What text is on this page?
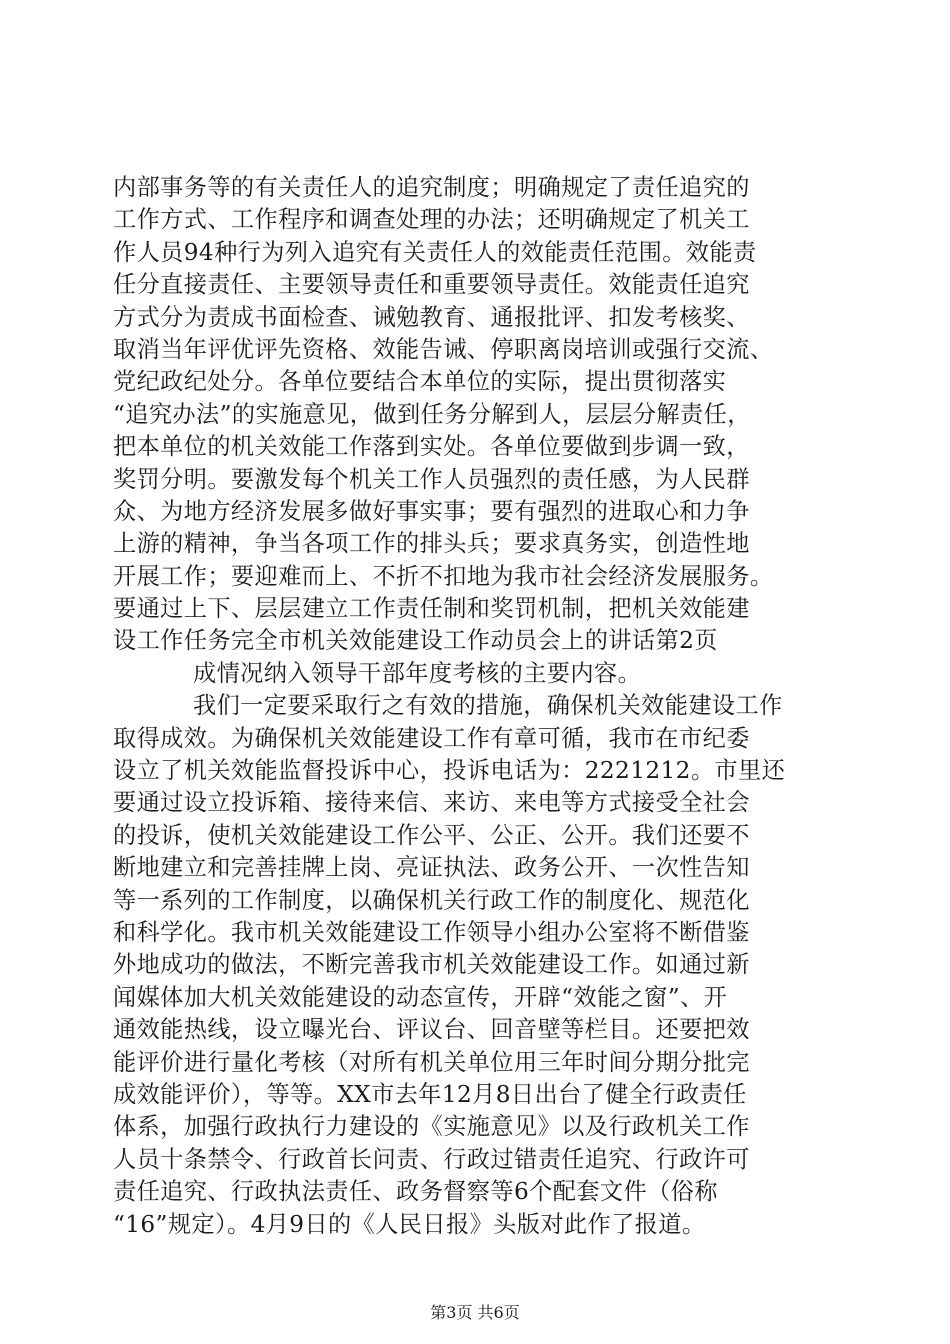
内部事务等的有关责任人的追究制度；明确规定了责任追究的
工作方式、工作程序和调查处理的办法；还明确规定了机关工
作人员94种行为列入追究有关责任人的效能责任范围。效能责
任分直接责任、主要领导责任和重要领导责任。效能责任追究
方式分为责成书面检查、诫勉教育、通报批评、扣发考核奖、
取消当年评优评先资格、效能告诫、停职离岗培训或强行交流、
党纪政纪处分。各单位要结合本单位的实际，提出贯彻落实
“追究办法”的实施意见，做到任务分解到人，层层分解责任，
把本单位的机关效能工作落到实处。各单位要做到步调一致，
奖罚分明。要激发每个机关工作人员强烈的责任感，为人民群
众、为地方经济发展多做好事实事；要有强烈的进取心和力争
上游的精神，争当各项工作的排头兵；要求真务实，创造性地
开展工作；要迎难而上、不折不扣地为我市社会经济发展服务。
要通过上下、层层建立工作责任制和奖罚机制，把机关效能建
设工作任务完全市机关效能建设工作动员会上的讲话第2页
成情况纳入领导干部年度考核的主要内容。
我们一定要采取行之有效的措施，确保机关效能建设工作
取得成效。为确保机关效能建设工作有章可循，我市在市纪委
设立了机关效能监督投诉中心，投诉电话为：2221212。市里还
要通过设立投诉箱、接待来信、来访、来电等方式接受全社会
的投诉，使机关效能建设工作公平、公正、公开。我们还要不
断地建立和完善挂牌上岗、亮证执法、政务公开、一次性告知
等一系列的工作制度，以确保机关行政工作的制度化、规范化
和科学化。我市机关效能建设工作领导小组办公室将不断借鉴
外地成功的做法，不断完善我市机关效能建设工作。如通过新
闻媒体加大机关效能建设的动态宣传，开辟“效能之窗”、开
通效能热线，设立曝光台、评议台、回音壁等栏目。还要把效
能评价进行量化考核（对所有机关单位用三年时间分期分批完
成效能评价），等等。XX市去年12月8日出台了健全行政责任
体系，加强行政执行力建设的《实施意见》以及行政机关工作
人员十条禁令、行政首长问责、行政过错责任追究、行政许可
责任追究、行政执法责任、政务督察等6个配套文件（俗称
“16”规定）。4月9日的《人民日报》头版对此作了报道。
第3页 共6页
